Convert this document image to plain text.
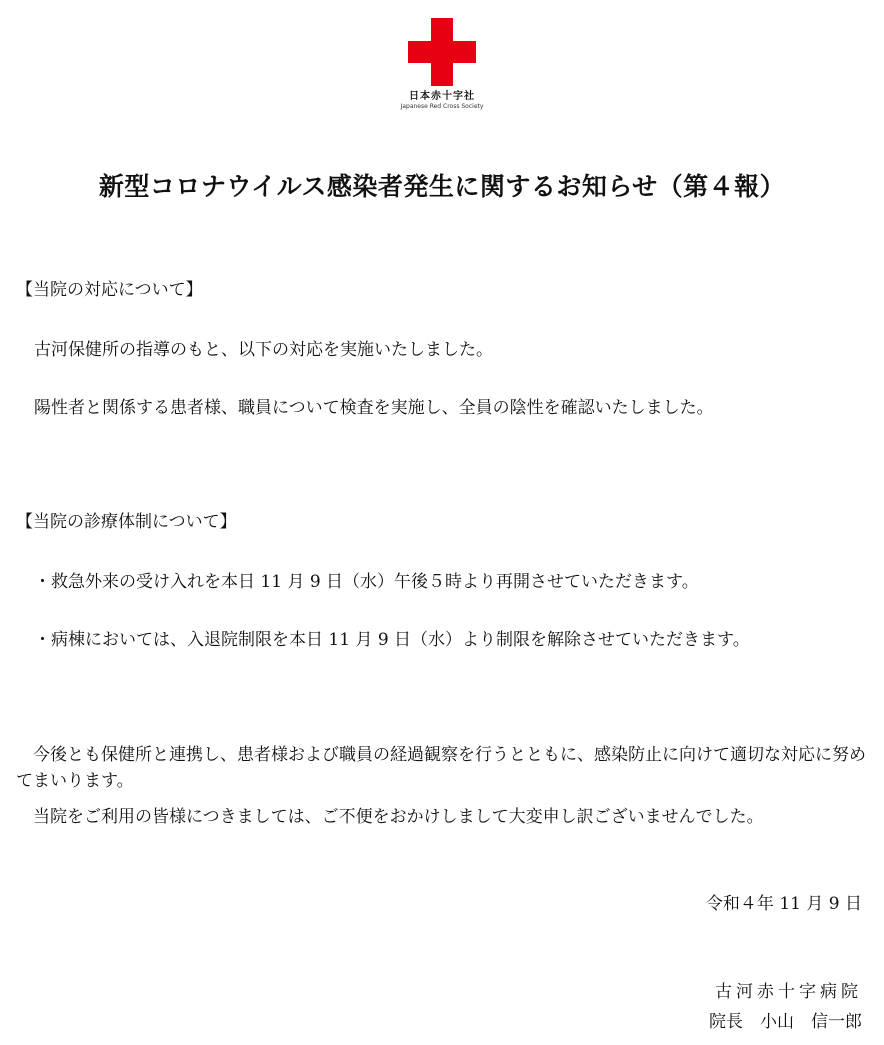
日本赤十字社
Japanese Red Cross Society
新型コロナウイルス感染者発生に関するお知らせ（第４報）
【当院の対応について】
古河保健所の指導のもと、以下の対応を実施いたしました。
陽性者と関係する患者様、職員について検査を実施し、全員の陰性を確認いたしました。
【当院の診療体制について】
・救急外来の受け入れを本日 11 月 9 日（水）午後５時より再開させていただきます。
・病棟においては、入退院制限を本日 11 月 9 日（水）より制限を解除させていただきます。
今後とも保健所と連携し、患者様および職員の経過観察を行うとともに、感染防止に向けて適切な対応に努めてまいります。
当院をご利用の皆様につきましては、ご不便をおかけしまして大変申し訳ございませんでした。
令和４年 11 月 9 日
古河赤十字病院
院長　小山　信一郎
